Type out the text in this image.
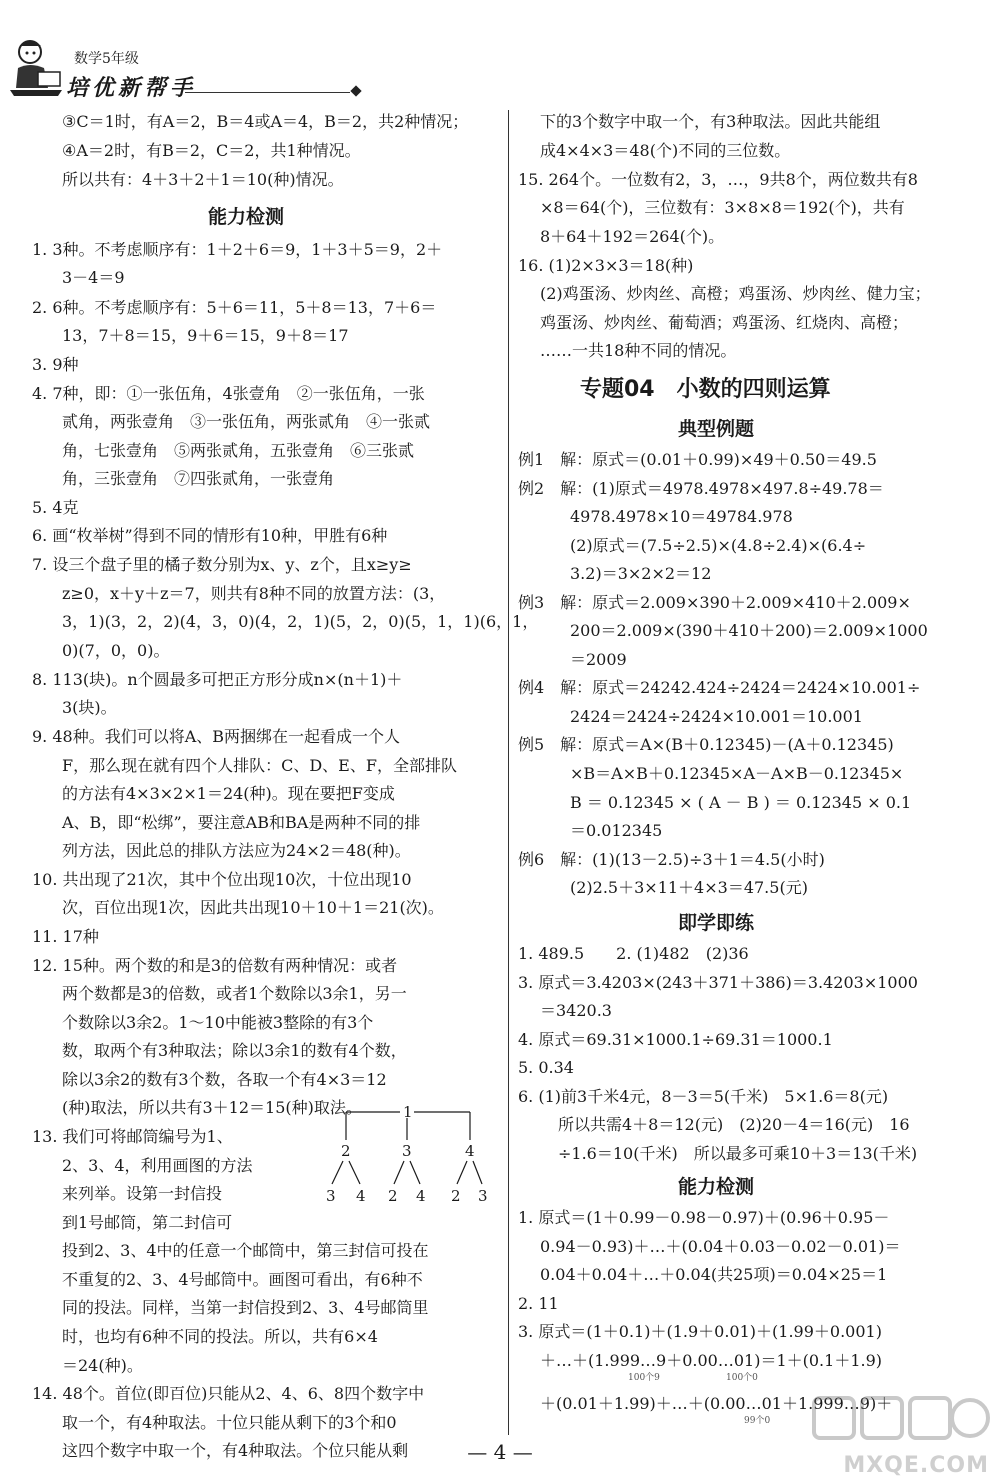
数学5年级
培优新帮手
③C＝1时，有A＝2，B＝4或A＝4，B＝2，共2种情况；
④A＝2时，有B＝2，C＝2，共1种情况。
所以共有：4＋3＋2＋1＝10(种)情况。
能力检测
1. 3种。不考虑顺序有：1＋2＋6＝9，1＋3＋5＝9，2＋
3－4＝9
2. 6种。不考虑顺序有：5＋6＝11，5＋8＝13，7＋6＝
13，7＋8＝15，9＋6＝15，9＋8＝17
3. 9种
4. 7种，即：①一张伍角，4张壹角　②一张伍角，一张
贰角，两张壹角　③一张伍角，两张贰角　④一张贰
角，七张壹角　⑤两张贰角，五张壹角　⑥三张贰
角，三张壹角　⑦四张贰角，一张壹角
5. 4克
6. 画“枚举树”得到不同的情形有10种，甲胜有6种
7. 设三个盘子里的橘子数分别为x、y、z个，且x≥y≥
z≥0，x＋y＋z＝7，则共有8种不同的放置方法：(3，
3，1)(3，2，2)(4，3，0)(4，2，1)(5，2，0)(5，1，1)(6，1，
0)(7，0，0)。
8. 113(块)。n个圆最多可把正方形分成n×(n＋1)＋
3(块)。
9. 48种。我们可以将A、B两捆绑在一起看成一个人
F，那么现在就有四个人排队：C、D、E、F，全部排队
的方法有4×3×2×1＝24(种)。现在要把F变成
A、B，即“松绑”，要注意AB和BA是两种不同的排
列方法，因此总的排队方法应为24×2＝48(种)。
10. 共出现了21次，其中个位出现10次，十位出现10
次，百位出现1次，因此共出现10＋10＋1＝21(次)。
11. 17种
12. 15种。两个数的和是3的倍数有两种情况：或者
两个数都是3的倍数，或者1个数除以3余1，另一
个数除以3余2。1～10中能被3整除的有3个
数，取两个有3种取法；除以3余1的数有4个数，
除以3余2的数有3个数，各取一个有4×3＝12
(种)取法，所以共有3＋12＝15(种)取法。
13. 我们可将邮筒编号为1、
2、3、4，利用画图的方法
来列举。设第一封信投
到1号邮筒，第二封信可
投到2、3、4中的任意一个邮筒中，第三封信可投在
不重复的2、3、4号邮筒中。画图可看出，有6种不
同的投法。同样，当第一封信投到2、3、4号邮筒里
时，也均有6种不同的投法。所以，共有6×4
＝24(种)。
14. 48个。首位(即百位)只能从2、4、6、8四个数字中
取一个，有4种取法。十位只能从剩下的3个和0
这四个数字中取一个，有4种取法。个位只能从剩
1
2	3	4
3 4 2 4 2 3
下的3个数字中取一个，有3种取法。因此共能组
成4×4×3＝48(个)不同的三位数。
15. 264个。一位数有2，3，…，9共8个，两位数共有8
×8＝64(个)，三位数有：3×8×8＝192(个)，共有
8＋64＋192＝264(个)。
16. (1)2×3×3＝18(种)
(2)鸡蛋汤、炒肉丝、高橙；鸡蛋汤、炒肉丝、健力宝；
鸡蛋汤、炒肉丝、葡萄酒；鸡蛋汤、红烧肉、高橙；
……一共18种不同的情况。
专题04　小数的四则运算
典型例题
例1　解：原式＝(0.01＋0.99)×49＋0.50＝49.5
例2　解：(1)原式＝4978.4978×497.8÷49.78＝
4978.4978×10＝49784.978
(2)原式＝(7.5÷2.5)×(4.8÷2.4)×(6.4÷
3.2)＝3×2×2＝12
例3　解：原式＝2.009×390＋2.009×410＋2.009×
200＝2.009×(390＋410＋200)＝2.009×1000
＝2009
例4　解：原式＝24242.424÷2424＝2424×10.001÷
2424＝2424÷2424×10.001＝10.001
例5　解：原式＝A×(B＋0.12345)－(A＋0.12345)
×B＝A×B＋0.12345×A－A×B－0.12345×
B ＝ 0.12345 × ( A － B ) ＝ 0.12345 × 0.1
＝0.012345
例6　解：(1)(13－2.5)÷3＋1＝4.5(小时)
(2)2.5＋3×11＋4×3＝47.5(元)
即学即练
1. 489.5　　2. (1)482　(2)36
3. 原式＝3.4203×(243＋371＋386)＝3.4203×1000
＝3420.3
4. 原式＝69.31×1000.1÷69.31＝1000.1
5. 0.34
6. (1)前3千米4元，8－3＝5(千米)　5×1.6＝8(元)
所以共需4＋8＝12(元)　(2)20－4＝16(元)　16
÷1.6＝10(千米)　所以最多可乘10＋3＝13(千米)
能力检测
1. 原式＝(1＋0.99－0.98－0.97)＋(0.96＋0.95－
0.94－0.93)＋…＋(0.04＋0.03－0.02－0.01)＝
0.04＋0.04＋…＋0.04(共25项)＝0.04×25＝1
2. 11
3. 原式＝(1＋0.1)＋(1.9＋0.01)＋(1.99＋0.001)
＋…＋(1.999…9＋0.00…01)＝1＋(0.1＋1.9)
100个9	100个0
＋(0.01＋1.99)＋…＋(0.00…01＋1.999…9)＋
99个0
— 4 —
MXQE.COM
